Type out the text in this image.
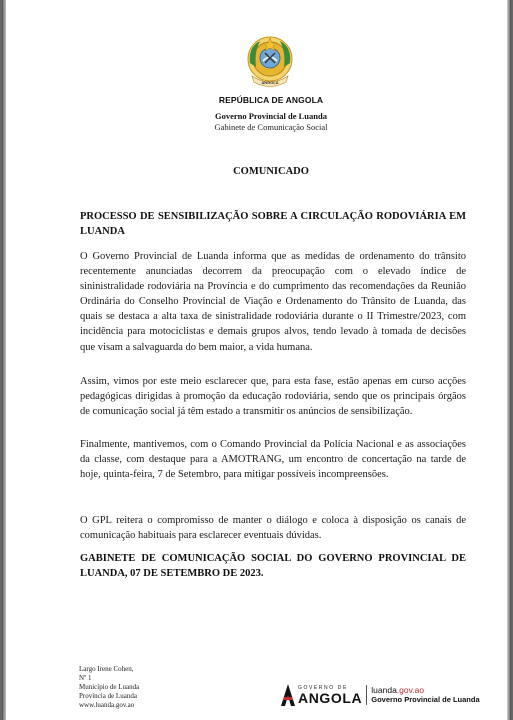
ANGOLA
REPÚBLICA DE ANGOLA
Governo Provincial de Luanda
Gabinete de Comunicação Social
COMUNICADO
PROCESSO DE SENSIBILIZAÇÃO SOBRE A CIRCULAÇÃO RODOVIÁRIA EM LUANDA
O Governo Provincial de Luanda informa que as medidas de ordenamento do trânsito recentemente anunciadas decorrem da preocupação com o elevado índice de sininistralidade rodoviária na Província e do cumprimento das recomendações da Reunião Ordinária do Conselho Provincial de Viação e Ordenamento do Trânsito de Luanda, das quais se destaca a alta taxa de sinistralidade rodoviária durante o II Trimestre/2023, com incidência para motociclistas e demais grupos alvos, tendo levado à tomada de decisões que visam a salvaguarda do bem maior, a vida humana.
Assim, vimos por este meio esclarecer que, para esta fase, estão apenas em curso acções pedagógicas dirigidas à promoção da educação rodoviária, sendo que os principais órgãos de comunicação social já têm estado a transmitir os anúncios de sensibilização.
Finalmente, mantivemos, com o Comando Provincial da Polícia Nacional e as associações da classe, com destaque para a AMOTRANG, um encontro de concertação na tarde de hoje, quinta-feira, 7 de Setembro, para mitigar possíveis incompreensões.
O GPL reitera o compromisso de manter o diálogo e coloca à disposição os canais de comunicação habituais para esclarecer eventuais dúvidas.
GABINETE DE COMUNICAÇÃO SOCIAL DO GOVERNO PROVINCIAL DE LUANDA, 07 DE SETEMBRO DE 2023.
Largo Irene Cohen,
Nº 1
Município de Luanda
Província de Luanda
www.luanda.gov.ao
GOVERNO DE
ANGOLA luanda.gov.ao
Governo Provincial de Luanda
